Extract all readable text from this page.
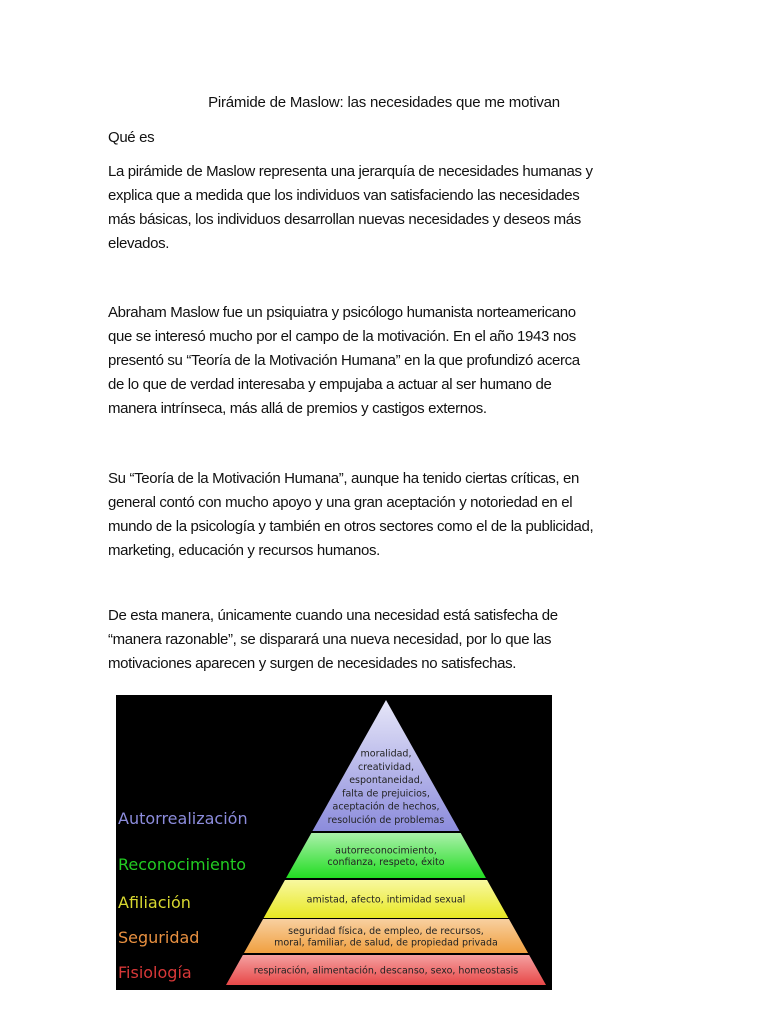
Pirámide de Maslow: las necesidades que me motivan
Qué es
La pirámide de Maslow representa una jerarquía de necesidades humanas y
explica que a medida que los individuos van satisfaciendo las necesidades
más básicas, los individuos desarrollan nuevas necesidades y deseos más
elevados.
Abraham Maslow fue un psiquiatra y psicólogo humanista norteamericano
que se interesó mucho por el campo de la motivación. En el año 1943 nos
presentó su “Teoría de la Motivación Humana” en la que profundizó acerca
de lo que de verdad interesaba y empujaba a actuar al ser humano de
manera intrínseca, más allá de premios y castigos externos.
Su “Teoría de la Motivación Humana”, aunque ha tenido ciertas críticas, en
general contó con mucho apoyo y una gran aceptación y notoriedad en el
mundo de la psicología y también en otros sectores como el de la publicidad,
marketing, educación y recursos humanos.
De esta manera, únicamente cuando una necesidad está satisfecha de
“manera razonable”, se disparará una nueva necesidad, por lo que las
motivaciones aparecen y surgen de necesidades no satisfechas.
moralidad,
creatividad,
espontaneidad,
falta de prejuicios,
aceptación de hechos,
resolución de problemas
Autorrealización
autorreconocimiento,
confianza, respeto, éxito
Reconocimiento
amistad, afecto, intimidad sexual
Afiliación
seguridad física, de empleo, de recursos,
moral, familiar, de salud, de propiedad privada
Seguridad
respiración, alimentación, descanso, sexo, homeostasis
Fisiología
